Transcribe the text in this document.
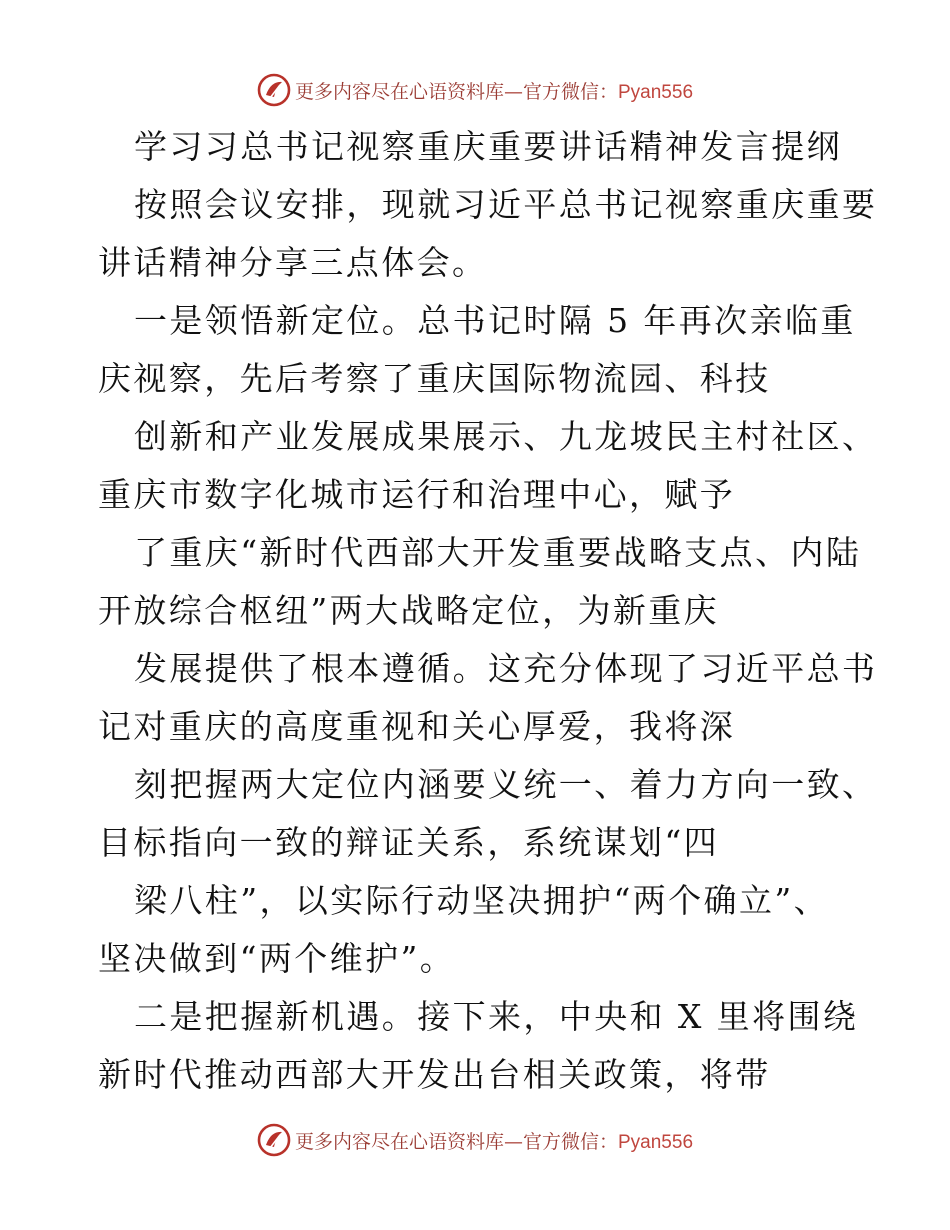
更多内容尽在心语资料库—官方微信：Pyan556
学习习总书记视察重庆重要讲话精神发言提纲
按照会议安排，现就习近平总书记视察重庆重要
讲话精神分享三点体会。
一是领悟新定位。总书记时隔 5 年再次亲临重
庆视察，先后考察了重庆国际物流园、科技
创新和产业发展成果展示、九龙坡民主村社区、
重庆市数字化城市运行和治理中心，赋予
了重庆“新时代西部大开发重要战略支点、内陆
开放综合枢纽”两大战略定位，为新重庆
发展提供了根本遵循。这充分体现了习近平总书
记对重庆的高度重视和关心厚爱，我将深
刻把握两大定位内涵要义统一、着力方向一致、
目标指向一致的辩证关系，系统谋划“四
梁八柱”，以实际行动坚决拥护“两个确立”、
坚决做到“两个维护”。
二是把握新机遇。接下来，中央和 X 里将围绕
新时代推动西部大开发出台相关政策，将带
更多内容尽在心语资料库—官方微信：Pyan556
